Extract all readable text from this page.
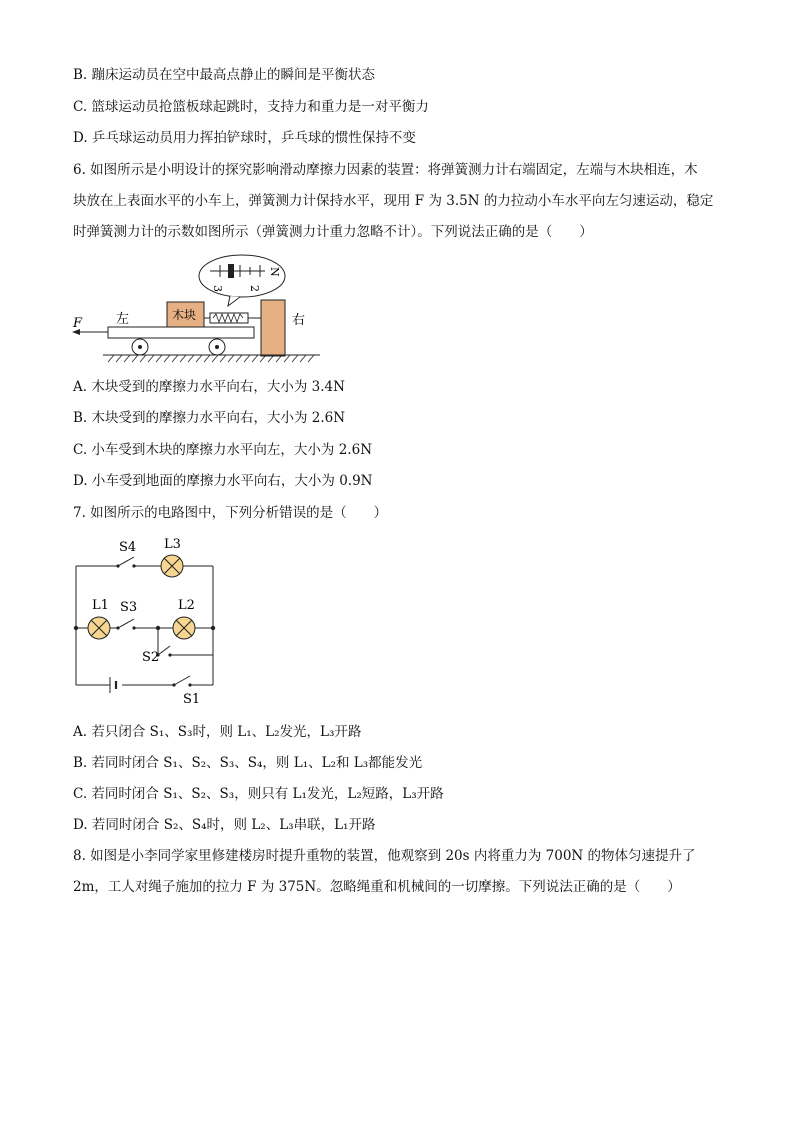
B. 蹦床运动员在空中最高点静止的瞬间是平衡状态
C. 篮球运动员抢篮板球起跳时，支持力和重力是一对平衡力
D. 乒乓球运动员用力挥拍铲球时，乒乓球的惯性保持不变
6. 如图所示是小明设计的探究影响滑动摩擦力因素的装置：将弹簧测力计右端固定，左端与木块相连，木
块放在上表面水平的小车上，弹簧测力计保持水平，现用 F 为 3.5N 的力拉动小车水平向左匀速运动，稳定
时弹簧测力计的示数如图所示（弹簧测力计重力忽略不计）。下列说法正确的是（　　）
3 2
N
右
木块
左
F
A. 木块受到的摩擦力水平向右，大小为 3.4N
B. 木块受到的摩擦力水平向右，大小为 2.6N
C. 小车受到木块的摩擦力水平向左，大小为 2.6N
D. 小车受到地面的摩擦力水平向右，大小为 0.9N
7. 如图所示的电路图中，下列分析错误的是（　　）
S4 L3
L1 S3	L2
S2
S1
A. 若只闭合 S₁、S₃时，则 L₁、L₂发光，L₃开路
B. 若同时闭合 S₁、S₂、S₃、S₄，则 L₁、L₂和 L₃都能发光
C. 若同时闭合 S₁、S₂、S₃，则只有 L₁发光，L₂短路，L₃开路
D. 若同时闭合 S₂、S₄时，则 L₂、L₃串联，L₁开路
8. 如图是小李同学家里修建楼房时提升重物的装置，他观察到 20s 内将重力为 700N 的物体匀速提升了
2m，工人对绳子施加的拉力 F 为 375N。忽略绳重和机械间的一切摩擦。下列说法正确的是（　　）
